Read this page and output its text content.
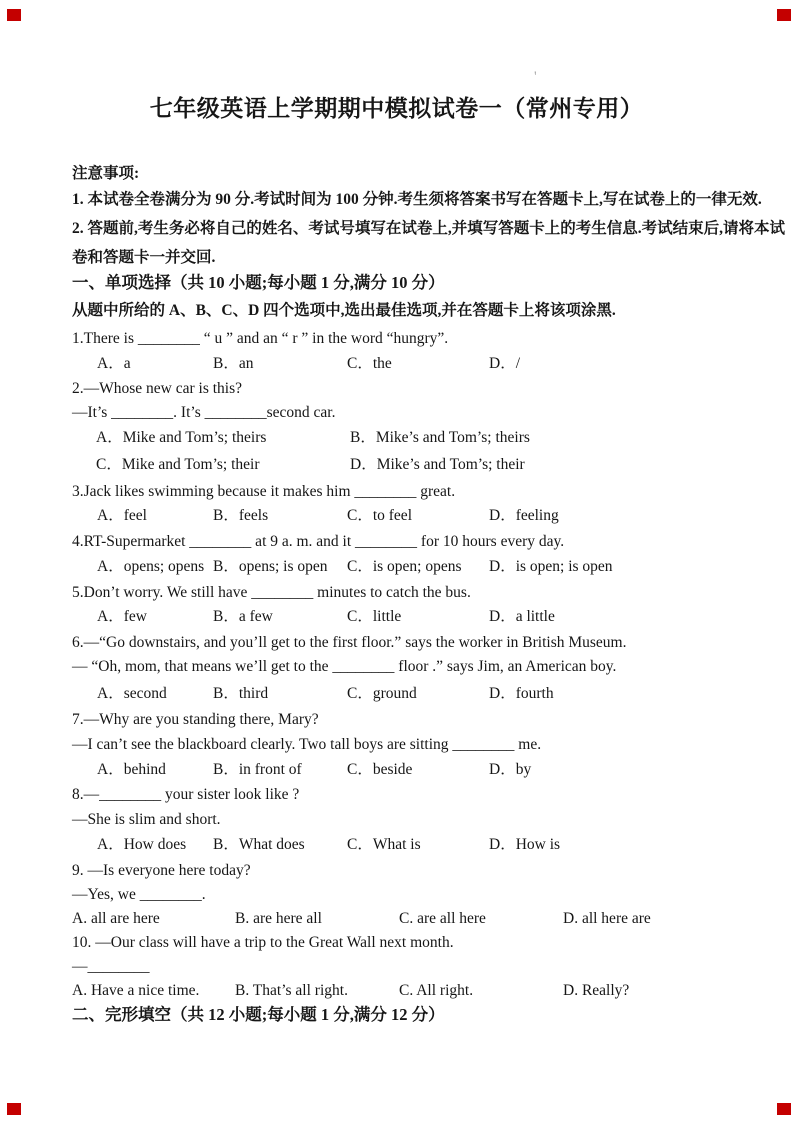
'
七年级英语上学期期中模拟试卷一（常州专用）
注意事项:
1. 本试卷全卷满分为 90 分.考试时间为 100 分钟.考生须将答案书写在答题卡上,写在试卷上的一律无效.
2. 答题前,考生务必将自己的姓名、考试号填写在试卷上,并填写答题卡上的考生信息.考试结束后,请将本试
卷和答题卡一并交回.
一、单项选择（共 10 小题;每小题 1 分,满分 10 分）
从题中所给的 A、B、C、D 四个选项中,选出最佳选项,并在答题卡上将该项涂黑.
1.There is ________ “ u ” and an “ r ” in the word “hungry”.
A．a	B．an	C．the	D．/
2.—Whose new car is this?
—It’s ________. It’s ________second car.
A．Mike and Tom’s; theirs	B．Mike’s and Tom’s; theirs
C．Mike and Tom’s; their	D．Mike’s and Tom’s; their
3.Jack likes swimming because it makes him ________ great.
A．feel	B．feels	C．to feel	D．feeling
4.RT-Supermarket ________ at 9 a. m. and it ________ for 10 hours every day.
A．opens; opens B．opens; is open C．is open; opens D．is open; is open
5.Don’t worry. We still have ________ minutes to catch the bus.
A．few	B．a few	C．little	D．a little
6.—“Go downstairs, and you’ll get to the first floor.” says the worker in British Museum.
— “Oh, mom, that means we’ll get to the ________ floor .” says Jim, an American boy.
A．second	B．third	C．ground	D．fourth
7.—Why are you standing there, Mary?
—I can’t see the blackboard clearly. Two tall boys are sitting ________ me.
A．behind	B．in front of	C．beside	D．by
8.—________ your sister look like ?
—She is slim and short.
A．How does B．What does	C．What is	D．How is
9. —Is everyone here today?
—Yes, we ________.
A. all are here	B. are here all	C. are all here	D. all here are
10. —Our class will have a trip to the Great Wall next month.
—________
A. Have a nice time. B. That’s all right.	C. All right.	D. Really?
二、完形填空（共 12 小题;每小题 1 分,满分 12 分）
